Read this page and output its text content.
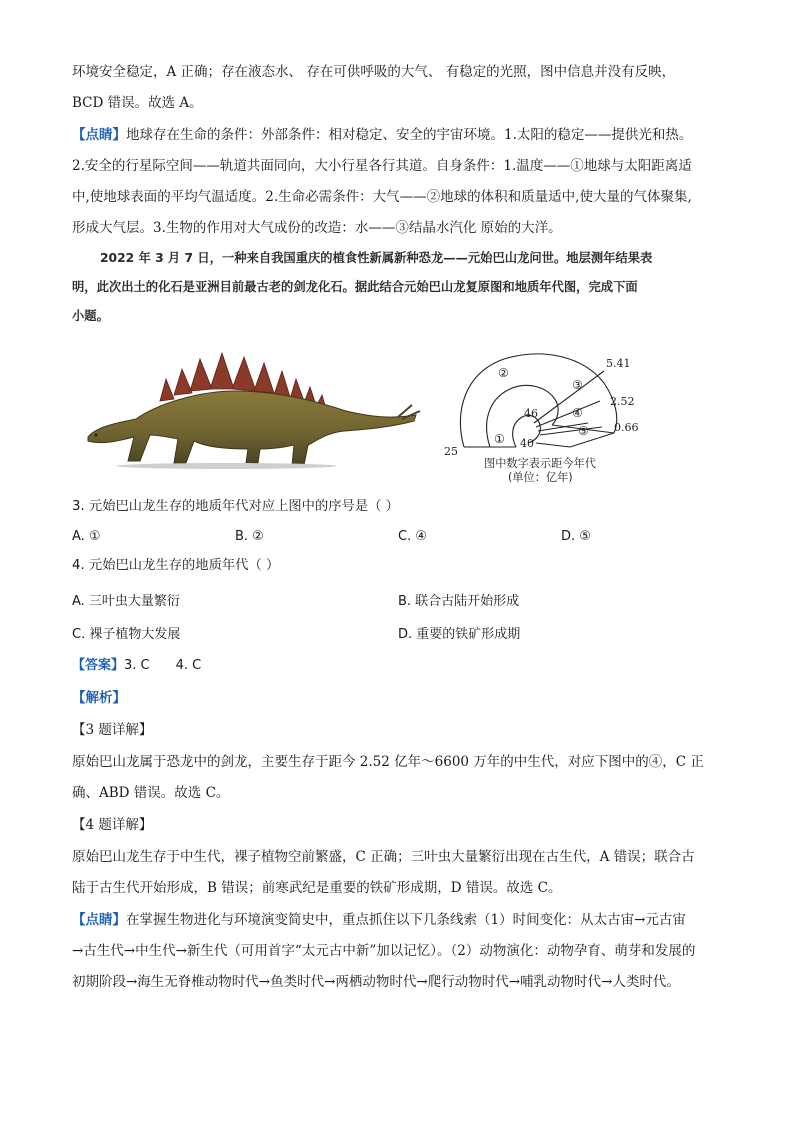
环境安全稳定，A 正确；存在液态水、 存在可供呼吸的大气、 有稳定的光照，图中信息并没有反映，
BCD 错误。故选 A。
【点睛】地球存在生命的条件：外部条件：相对稳定、安全的宇宙环境。1.太阳的稳定——提供光和热。
2.安全的行星际空间——轨道共面同向，大小行星各行其道。自身条件：1.温度——①地球与太阳距离适
中,使地球表面的平均气温适度。2.生命必需条件：大气——②地球的体积和质量适中,使大量的气体聚集,
形成大气层。3.生物的作用对大气成份的改造：水——③结晶水汽化 原始的大洋。
2022 年 3 月 7 日，一种来自我国重庆的植食性新属新种恐龙——元始巴山龙问世。地层测年结果表
明，此次出土的化石是亚洲目前最古老的剑龙化石。据此结合元始巴山龙复原图和地质年代图，完成下面
小题。
5.41
2.52
0.66
46
40
25
②
③
④
⑤
①
图中数字表示距今年代
(单位：亿年)
3. 元始巴山龙生存的地质年代对应上图中的序号是（ ）
A. ①	B. ②	C. ④	D. ⑤
4. 元始巴山龙生存的地质年代（ ）
A. 三叶虫大量繁衍	B. 联合古陆开始形成
C. 裸子植物大发展	D. 重要的铁矿形成期
【答案】3. C 4. C
【解析】
【3 题详解】
原始巴山龙属于恐龙中的剑龙，主要生存于距今 2.52 亿年～6600 万年的中生代，对应下图中的④，C 正
确、ABD 错误。故选 C。
【4 题详解】
原始巴山龙生存于中生代，裸子植物空前繁盛，C 正确；三叶虫大量繁衍出现在古生代，A 错误；联合古
陆于古生代开始形成，B 错误；前寒武纪是重要的铁矿形成期，D 错误。故选 C。
【点睛】在掌握生物进化与环境演变简史中，重点抓住以下几条线索（1）时间变化：从太古宙→元古宙
→古生代→中生代→新生代（可用首字“太元古中新”加以记忆）。（2）动物演化：动物孕育、萌芽和发展的
初期阶段→海生无脊椎动物时代→鱼类时代→两栖动物时代→爬行动物时代→哺乳动物时代→人类时代。
